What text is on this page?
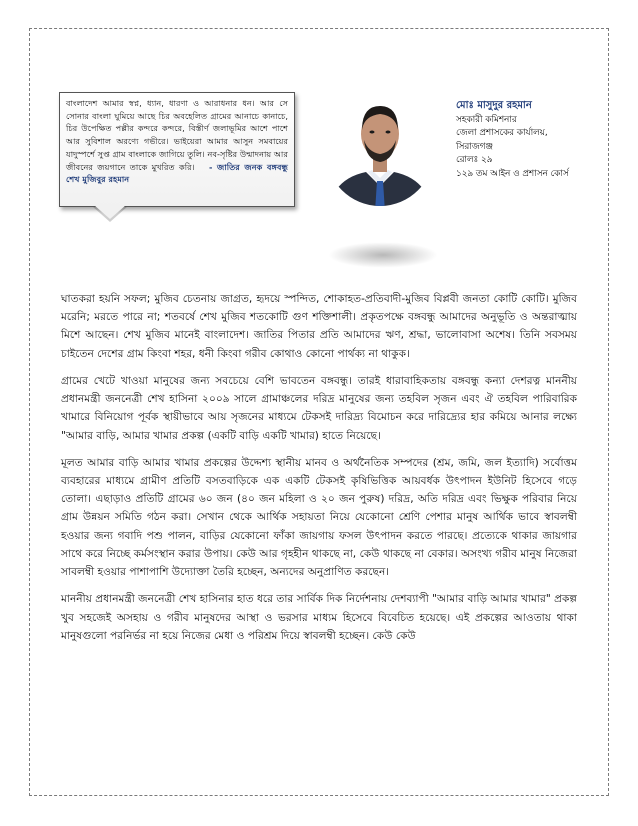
বাংলাদেশ আমার স্বপ্ন, ধ্যান, ধারণা ও আরাধনার ধন। আর সে সোনার বাংলা ঘুমিয়ে আছে চির অবহেলিত গ্রামের আনাচে কানাচে, চির উপেক্ষিত পল্লীর কন্দরে কন্দরে, বিস্তীর্ণ জলাভূমির আশে পাশে আর সুবিশাল অরণ্যে গভীরে। ভাইয়েরা আমার আসুন সমবায়ের যাদুস্পর্শে সুপ্ত গ্রাম বাংলাকে জাগিয়ে তুলি। নব-সৃষ্টির উন্মাদনায় আর জীবনের জয়গানে তাকে মুখরিত করি। - জাতির জনক বঙ্গবন্ধু শেখ মুজিবুর রহমান
মোঃ মাসুদুর রহমান
সহকারী কমিশনার
জেলা প্রশাসকের কার্যালয়,
সিরাজগঞ্জ
রোলঃ ২৯
১২৯ তম আইন ও প্রশাসন কোর্স

ঘাতকরা হয়নি সফল; মুজিব চেতনায় জাগ্রত, হৃদয়ে স্পন্দিত, শোকাহত-প্রতিবাদী-মুজিব বিপ্লবী জনতা কোটি কোটি। মুজিব মরেনি; মরতে পারে না; শতবর্ষে শেখ মুজিব শতকোটি গুণ শক্তিশালী। প্রকৃতপক্ষে বঙ্গবন্ধু আমাদের অনুভূতি ও অন্তরাত্মায় মিশে আছেন। শেখ মুজিব মানেই বাংলাদেশ। জাতির পিতার প্রতি আমাদের ঋণ, শ্রদ্ধা, ভালোবাসা অশেষ। তিনি সবসময় চাইতেন দেশের গ্রাম কিংবা শহর, ধনী কিংবা গরীব কোথাও কোনো পার্থক্য না থাকুক।

গ্রামের খেটে খাওয়া মানুষের জন্য সবচেয়ে বেশি ভাবতেন বঙ্গবন্ধু। তারই ধারাবাহিকতায় বঙ্গবন্ধু কন্যা দেশরত্ন মাননীয় প্রধানমন্ত্রী জননেত্রী শেখ হাসিনা ২০০৯ সালে গ্রামাঞ্চলের দরিদ্র মানুষের জন্য তহবিল সৃজন এবং ঐ তহবিল পারিবারিক খামারে বিনিয়োগ পূর্বক স্থায়ীভাবে আয় সৃজনের মাধ্যমে টেকসই দারিদ্র্য বিমোচন করে দারিদ্র্যের হার কমিয়ে আনার লক্ষ্যে "আমার বাড়ি, আমার খামার প্রকল্প (একটি বাড়ি একটি খামার) হাতে নিয়েছে।

মূলত আমার বাড়ি আমার খামার প্রকল্পের উদ্দেশ্য স্থানীয় মানব ও অর্থনৈতিক সম্পদের (শ্রম, জমি, জল ইত্যাদি) সর্বোত্তম ব্যবহারের মাধ্যমে গ্রামীণ প্রতিটি বসতবাড়িকে এক একটি টেকসই কৃষিভিত্তিক আয়বর্ধক উৎপাদন ইউনিট হিসেবে গড়ে তোলা। এছাড়াও প্রতিটি গ্রামের ৬০ জন (৪০ জন মহিলা ও ২০ জন পুরুষ) দরিদ্র, অতি দরিদ্র এবং ভিক্ষুক পরিবার নিয়ে গ্রাম উন্নয়ন সমিতি গঠন করা। সেখান থেকে আর্থিক সহায়তা নিয়ে যেকোনো শ্রেণি পেশার মানুষ আর্থিক ভাবে স্বাবলম্বী হওয়ার জন্য গবাদি পশু পালন, বাড়ির যেকোনো ফাঁকা জায়গায় ফসল উৎপাদন করতে পারছে। প্রত্যেকে থাকার জায়গার সাথে করে নিচ্ছে কর্মসংস্থান করার উপায়। কেউ আর গৃহহীন থাকছে না, কেউ থাকছে না বেকার। অসংখ্য গরীব মানুষ নিজেরা সাবলম্বী হওয়ার পাশাপাশি উদ্যোক্তা তৈরি হচ্ছেন, অন্যদের অনুপ্রাণিত করছেন।

মাননীয় প্রধানমন্ত্রী জননেত্রী শেখ হাসিনার হাত ধরে তার সার্বিক দিক নির্দেশনায় দেশব্যাপী "আমার বাড়ি আমার খামার" প্রকল্প খুব সহজেই অসহায় ও গরীব মানুষদের আস্থা ও ভরসার মাধ্যম হিসেবে বিবেচিত হয়েছে। এই প্রকল্পের আওতায় থাকা মানুষগুলো পরনির্ভর না হয়ে নিজের মেধা ও পরিশ্রম দিয়ে স্বাবলম্বী হচ্ছেন। কেউ কেউ
